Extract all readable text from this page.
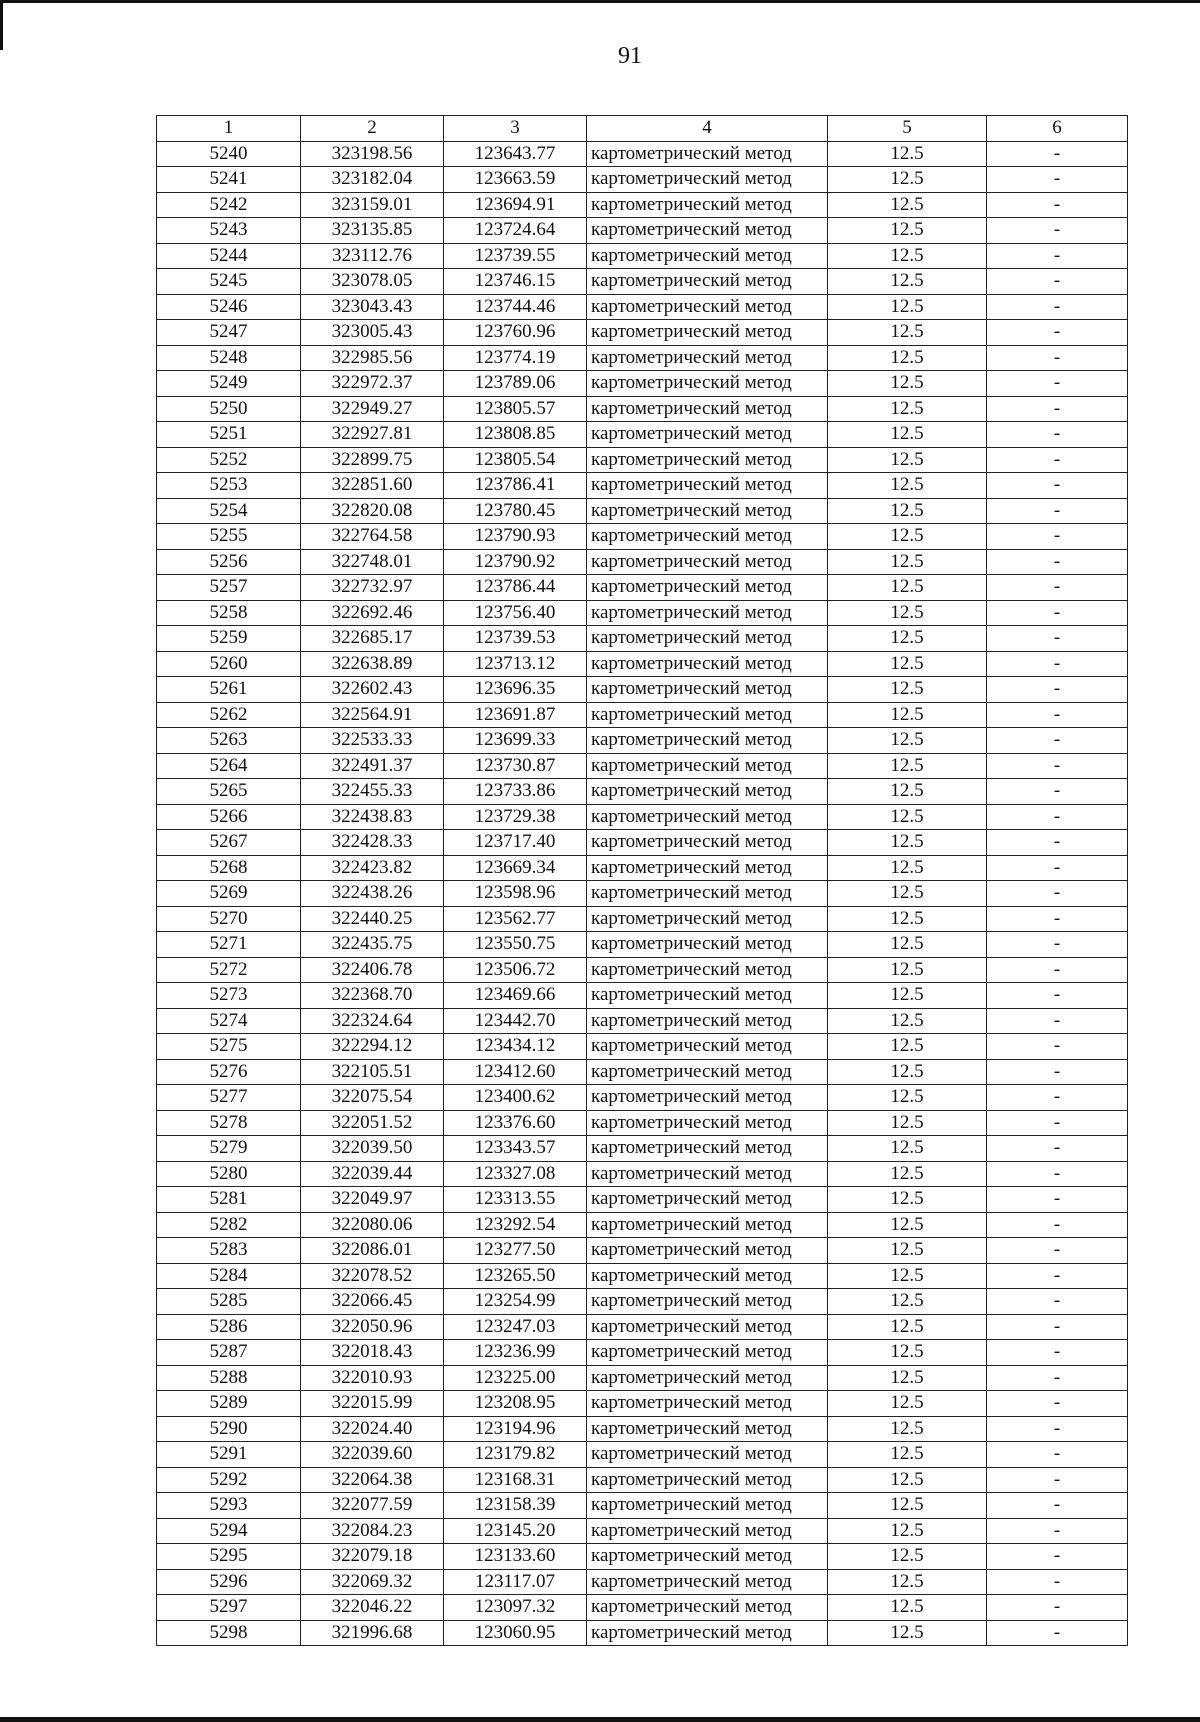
91
1	2	3	4	5	6
5240	323198.56	123643.77	картометрический метод	12.5	-
5241	323182.04	123663.59	картометрический метод	12.5	-
5242	323159.01	123694.91	картометрический метод	12.5	-
5243	323135.85	123724.64	картометрический метод	12.5	-
5244	323112.76	123739.55	картометрический метод	12.5	-
5245	323078.05	123746.15	картометрический метод	12.5	-
5246	323043.43	123744.46	картометрический метод	12.5	-
5247	323005.43	123760.96	картометрический метод	12.5	-
5248	322985.56	123774.19	картометрический метод	12.5	-
5249	322972.37	123789.06	картометрический метод	12.5	-
5250	322949.27	123805.57	картометрический метод	12.5	-
5251	322927.81	123808.85	картометрический метод	12.5	-
5252	322899.75	123805.54	картометрический метод	12.5	-
5253	322851.60	123786.41	картометрический метод	12.5	-
5254	322820.08	123780.45	картометрический метод	12.5	-
5255	322764.58	123790.93	картометрический метод	12.5	-
5256	322748.01	123790.92	картометрический метод	12.5	-
5257	322732.97	123786.44	картометрический метод	12.5	-
5258	322692.46	123756.40	картометрический метод	12.5	-
5259	322685.17	123739.53	картометрический метод	12.5	-
5260	322638.89	123713.12	картометрический метод	12.5	-
5261	322602.43	123696.35	картометрический метод	12.5	-
5262	322564.91	123691.87	картометрический метод	12.5	-
5263	322533.33	123699.33	картометрический метод	12.5	-
5264	322491.37	123730.87	картометрический метод	12.5	-
5265	322455.33	123733.86	картометрический метод	12.5	-
5266	322438.83	123729.38	картометрический метод	12.5	-
5267	322428.33	123717.40	картометрический метод	12.5	-
5268	322423.82	123669.34	картометрический метод	12.5	-
5269	322438.26	123598.96	картометрический метод	12.5	-
5270	322440.25	123562.77	картометрический метод	12.5	-
5271	322435.75	123550.75	картометрический метод	12.5	-
5272	322406.78	123506.72	картометрический метод	12.5	-
5273	322368.70	123469.66	картометрический метод	12.5	-
5274	322324.64	123442.70	картометрический метод	12.5	-
5275	322294.12	123434.12	картометрический метод	12.5	-
5276	322105.51	123412.60	картометрический метод	12.5	-
5277	322075.54	123400.62	картометрический метод	12.5	-
5278	322051.52	123376.60	картометрический метод	12.5	-
5279	322039.50	123343.57	картометрический метод	12.5	-
5280	322039.44	123327.08	картометрический метод	12.5	-
5281	322049.97	123313.55	картометрический метод	12.5	-
5282	322080.06	123292.54	картометрический метод	12.5	-
5283	322086.01	123277.50	картометрический метод	12.5	-
5284	322078.52	123265.50	картометрический метод	12.5	-
5285	322066.45	123254.99	картометрический метод	12.5	-
5286	322050.96	123247.03	картометрический метод	12.5	-
5287	322018.43	123236.99	картометрический метод	12.5	-
5288	322010.93	123225.00	картометрический метод	12.5	-
5289	322015.99	123208.95	картометрический метод	12.5	-
5290	322024.40	123194.96	картометрический метод	12.5	-
5291	322039.60	123179.82	картометрический метод	12.5	-
5292	322064.38	123168.31	картометрический метод	12.5	-
5293	322077.59	123158.39	картометрический метод	12.5	-
5294	322084.23	123145.20	картометрический метод	12.5	-
5295	322079.18	123133.60	картометрический метод	12.5	-
5296	322069.32	123117.07	картометрический метод	12.5	-
5297	322046.22	123097.32	картометрический метод	12.5	-
5298	321996.68	123060.95	картометрический метод	12.5	-
